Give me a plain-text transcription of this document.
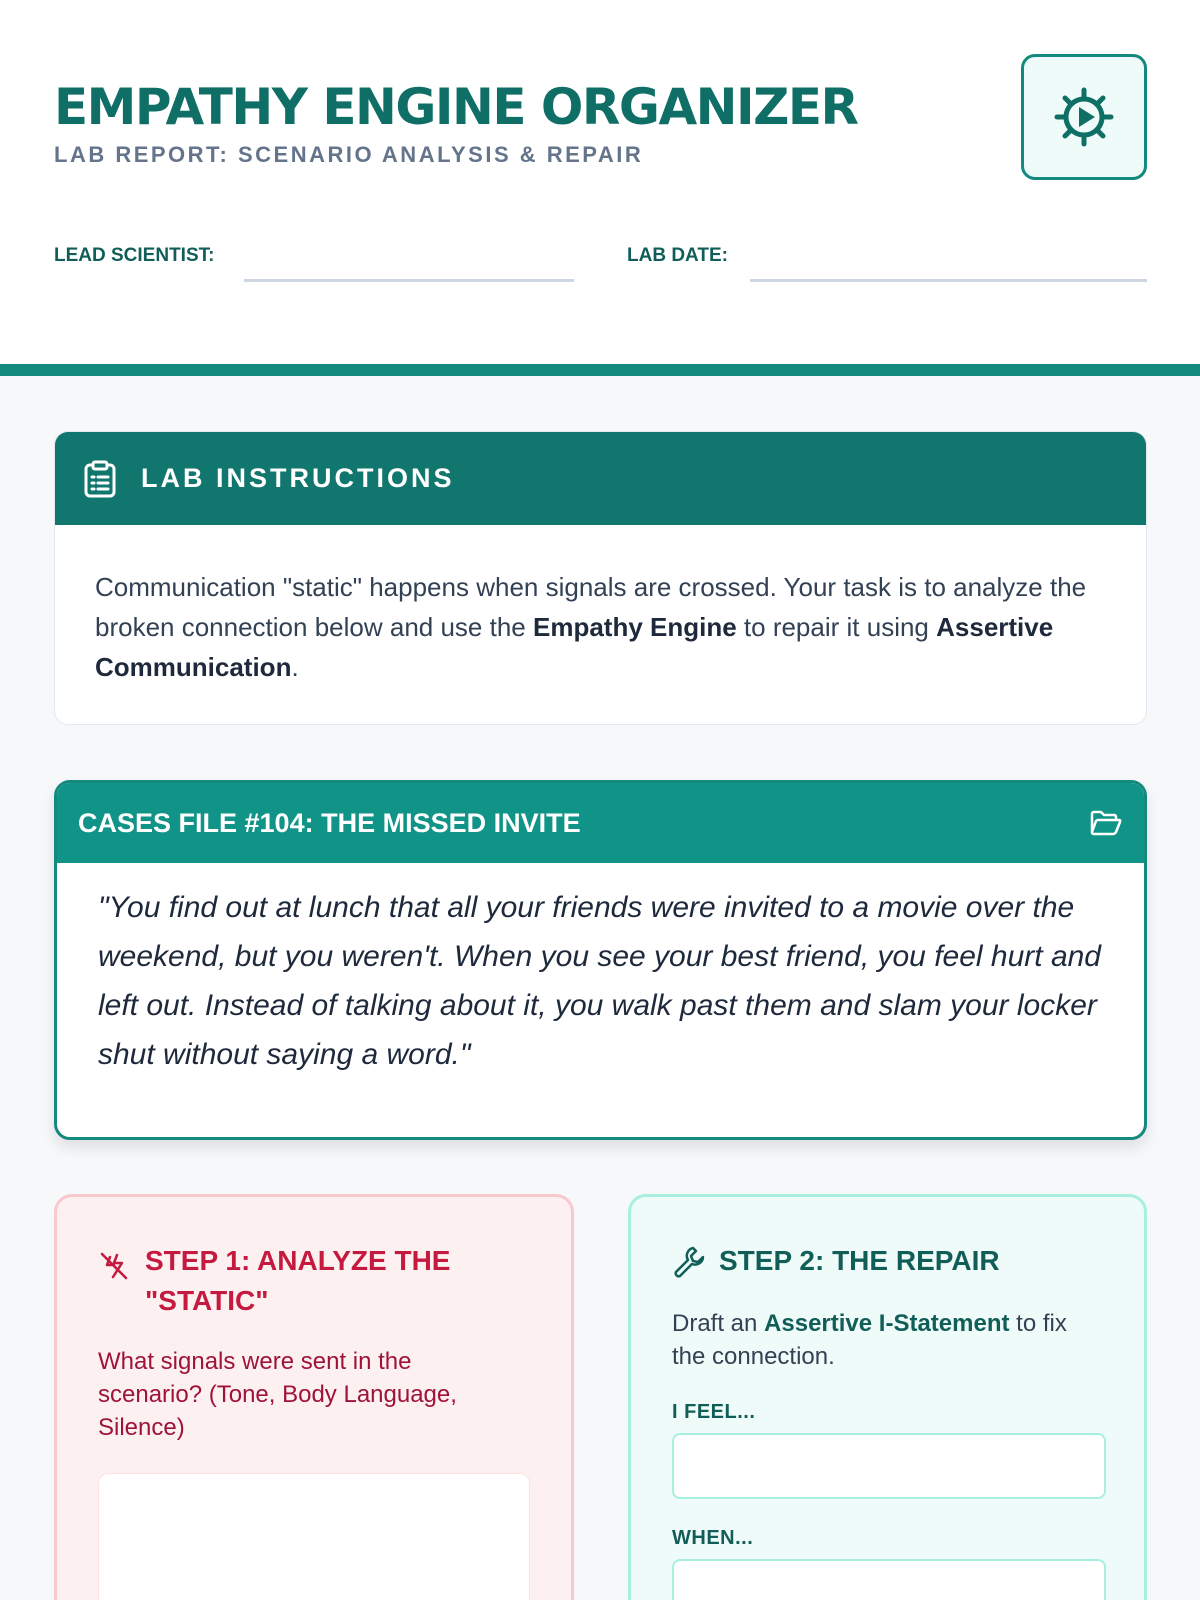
EMPATHY ENGINE ORGANIZER
LAB REPORT: SCENARIO ANALYSIS & REPAIR
LEAD SCIENTIST:	LAB DATE:
LAB INSTRUCTIONS

Communication "static" happens when signals are crossed. Your task is to analyze the broken connection below and use the Empathy Engine to repair it using Assertive Communication.

CASES FILE #104: THE MISSED INVITE

"You find out at lunch that all your friends were invited to a movie over the weekend, but you weren't. When you see your best friend, you feel hurt and left out. Instead of talking about it, you walk past them and slam your locker shut without saying a word."

STEP 1: ANALYZE THE "STATIC"

What signals were sent in the scenario? (Tone, Body Language, Silence)

STEP 2: THE REPAIR

Draft an Assertive I-Statement to fix the connection.

I FEEL...
WHEN...
